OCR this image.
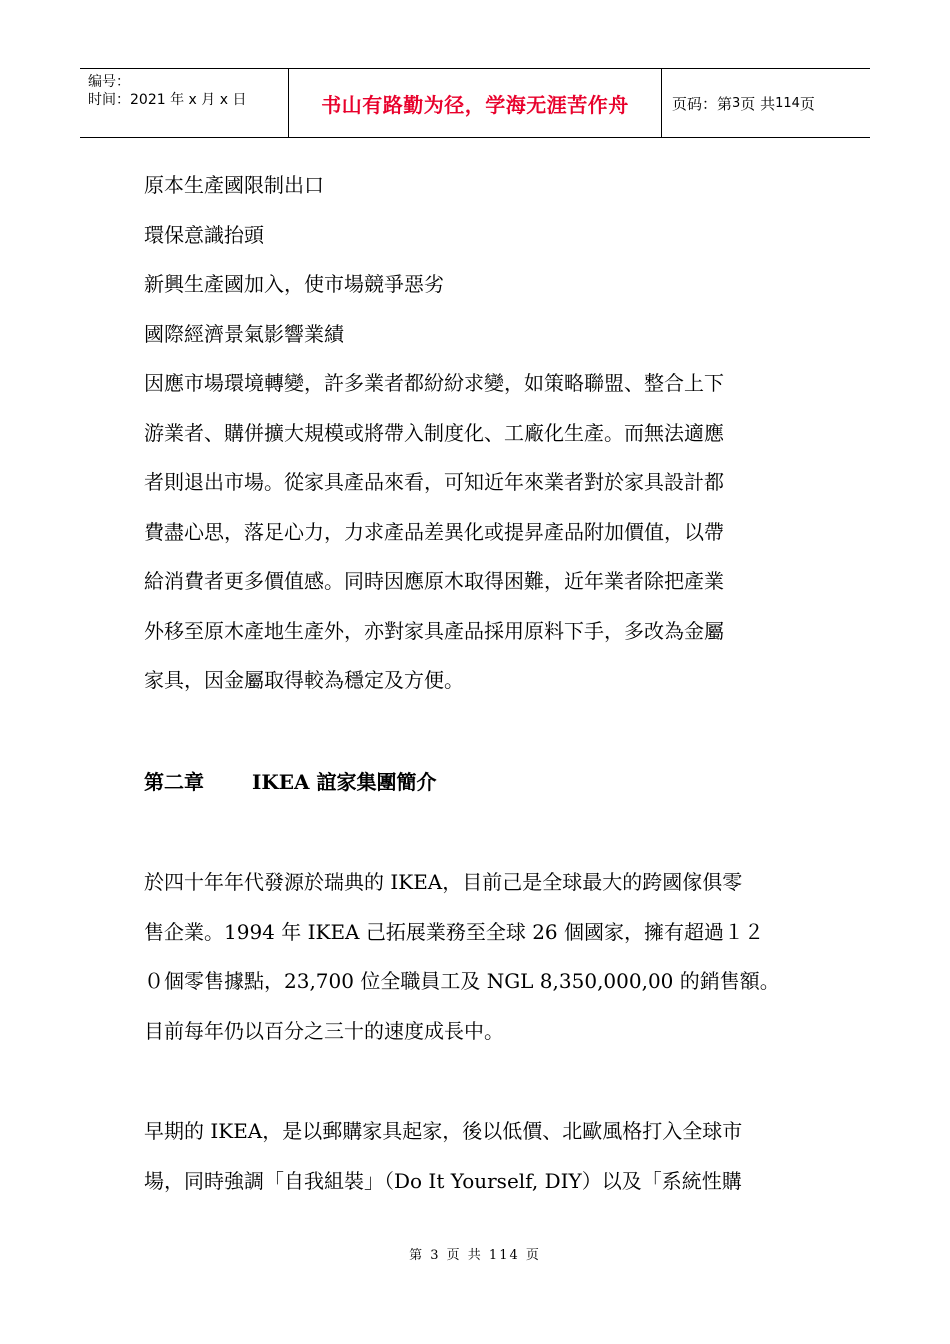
编号：
时间：2021 年 x 月 x 日	书山有路勤为径，学海无涯苦作舟	页码：第 3 页 共 114 页
原本生產國限制出口
環保意識抬頭
新興生產國加入，使市場競爭惡劣
國際經濟景氣影響業績
因應市場環境轉變，許多業者都紛紛求變，如策略聯盟、整合上下
游業者、購併擴大規模或將帶入制度化、工廠化生產。而無法適應
者則退出市場。從家具產品來看，可知近年來業者對於家具設計都
費盡心思，落足心力，力求產品差異化或提昇產品附加價值，以帶
給消費者更多價值感。同時因應原木取得困難，近年業者除把產業
外移至原木產地生產外，亦對家具產品採用原料下手，多改為金屬
家具，因金屬取得較為穩定及方便。
第二章 IKEA 誼家集團簡介
於四十年年代發源於瑞典的 IKEA，目前己是全球最大的跨國傢俱零
售企業。1994 年 IKEA 己拓展業務至全球 26 個國家，擁有超過１２
０個零售據點，23,700 位全職員工及 NGL 8,350,000,00 的銷售額。
目前每年仍以百分之三十的速度成長中。
早期的 IKEA，是以郵購家具起家，後以低價、北歐風格打入全球市
場，同時強調「自我組裝」（Do It Yourself, DIY）以及「系統性購
第 3 页 共 114 页
